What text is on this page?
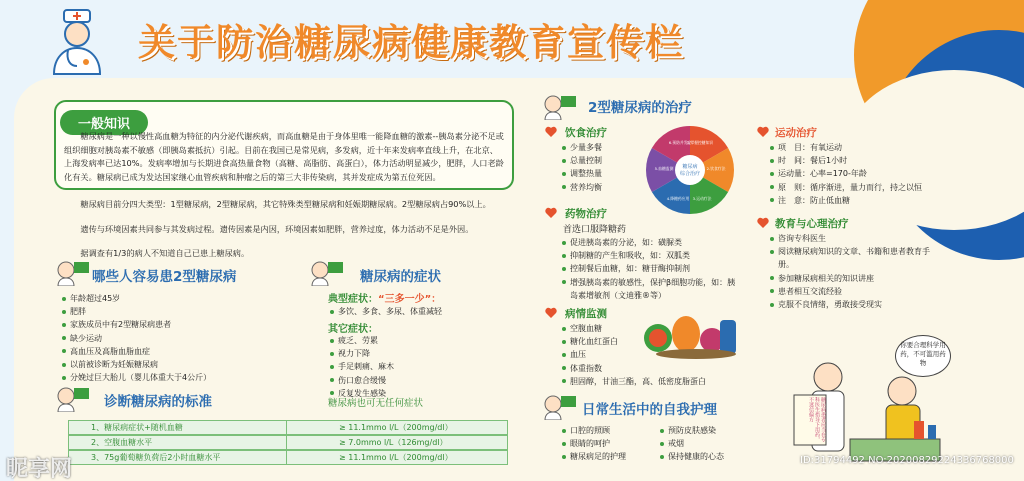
关于防治糖尿病健康教育宣传栏
一般知识
糖尿病是一种以慢性高血糖为特征的内分泌代谢疾病，而高血糖是由于身体里唯一能降血糖的激素--胰岛素分泌不足或组织细胞对胰岛素不敏感（即胰岛素抵抗）引起。目前在我国已是常见病，多发病，近十年来发病率直线上升，在北京、上海发病率已达10%。发病率增加与长期进食高热量食物（高糖、高脂肪、高蛋白），体力活动明显减少，肥胖，人口老龄化有关。糖尿病已成为发达国家继心血管疾病和肿瘤之后的第三大非传染病，其并发症成为第五位死因。
糖尿病目前分四大类型：1型糖尿病，2型糖尿病，其它特殊类型糖尿病和妊娠期糖尿病。2型糖尿病占90%以上。
遗传与环境因素共同参与其发病过程。遗传因素是内因，环境因素如肥胖，营养过度，体力活动不足是外因。
据调查有1/3的病人不知道自己已患上糖尿病。
哪些人容易患2型糖尿病
年龄超过45岁
肥胖
家族成员中有2型糖尿病患者
缺少运动
高血压及高脂血脂血症
以前被诊断为妊娠糖尿病
分娩过巨大胎儿（婴儿体重大于4公斤）
糖尿病的症状
典型症状：“三多一少”：
多饮、多食、多尿、体重减轻
其它症状：
疲乏、劳累
视力下降
手足刺痛、麻木
伤口愈合缓慢
反复发生感染
糖尿病也可无任何症状
诊断糖尿病的标准
1、糖尿病症状+随机血糖	≥ 11.1mmo l/L（200mg/dl）
2、空腹血糖水平	≥ 7.0mmo l/L（126mg/dl）
3、75g葡萄糖负荷后2小时血糖水平	≥ 11.1mmo l/L（200mg/dl）
2型糖尿病的治疗
饮食治疗
少量多餐
总量控制
调整热量
营养均衡
糖尿病
综合治疗
1.掌握控糖知识
2.饮食疗法
3.运动疗法
4.降糖药应用
5.血糖监测
6.预防并发症
药物治疗
首选口服降糖药
促进胰岛素的分泌，如：磺脲类
抑制糖的产生和吸收，如：双胍类
控制餐后血糖，如：糖苷酶抑制剂
增强胰岛素的敏感性，保护β细胞功能，如：胰岛素增敏剂（文迪雅®等）
病情监测
空腹血糖
糖化血红蛋白
血压
体重指数
胆固醇，甘油三酯，高、低密度脂蛋白
运动治疗
项　目：有氧运动
时　间：餐后1小时
运动量：心率=170-年龄
原　则：循序渐进，量力而行，持之以恒
注　意：防止低血糖
教育与心理治疗
咨询专科医生
阅读糖尿病知识的文章、书籍和患者教育手册。
参加糖尿病相关的知识讲座
患者相互交流经验
克服不良情绪，勇敢接受现实
日常生活中的自我护理
口腔的照顾
眼睛的呵护
糖尿病足的护理
预防皮肤感染
戒烟
保持健康的心态
你要合理科学用药，不可滥用药物
糖尿病患者应当在专科医生指导下用药，不迷信偏方
昵享网	ID:31794492 NO:20200829224336768000
